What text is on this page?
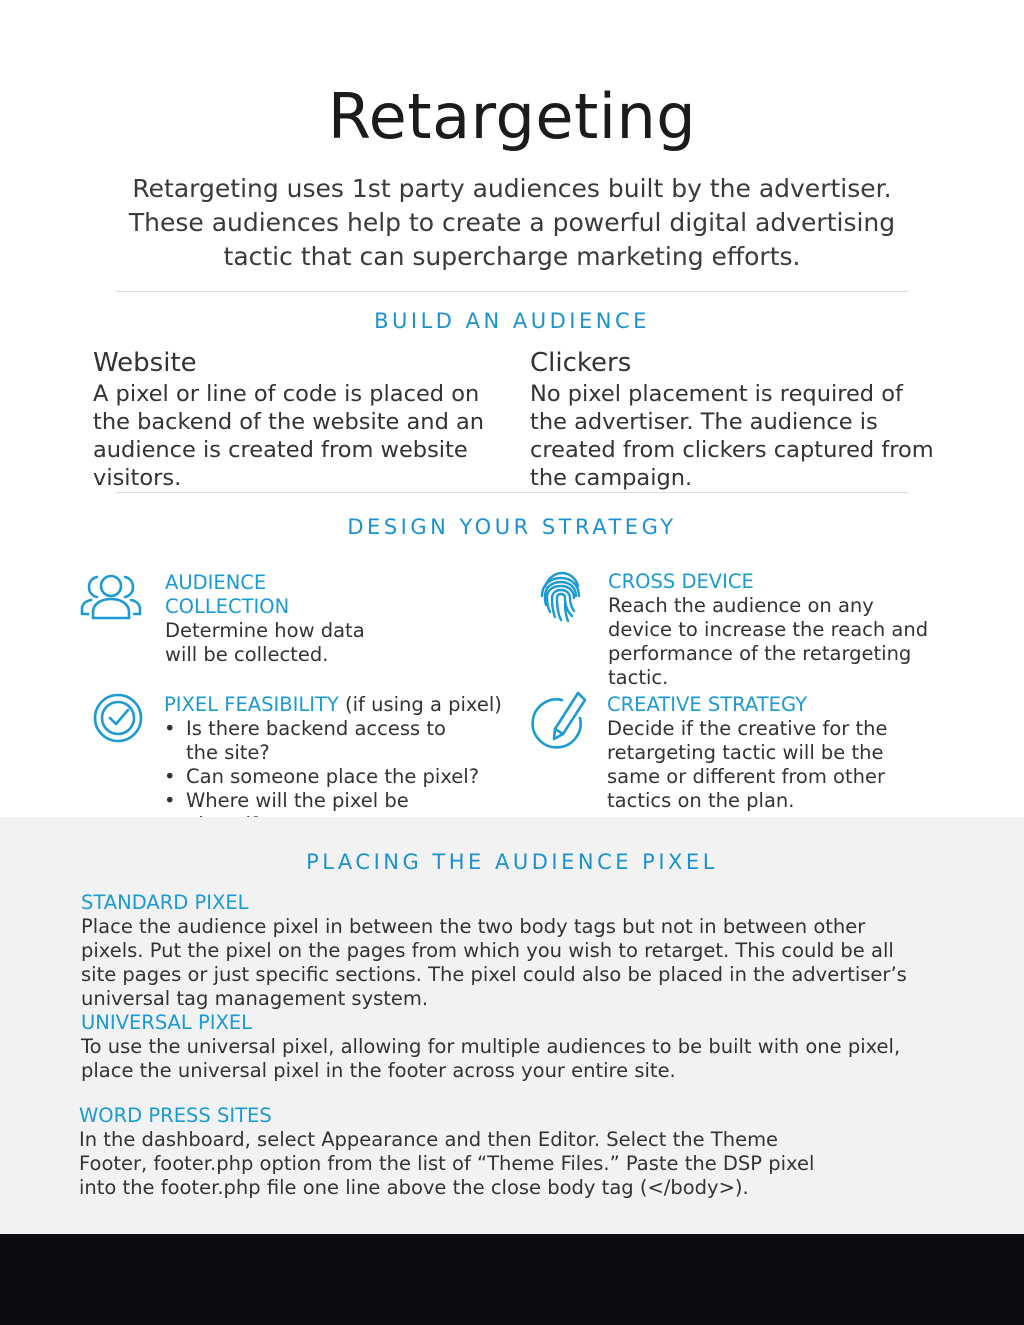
Retargeting

Retargeting uses 1st party audiences built by the advertiser. These audiences help to create a powerful digital advertising tactic that can supercharge marketing efforts.

BUILD AN AUDIENCE
Website
A pixel or line of code is placed on the backend of the website and an audience is created from website visitors.
Clickers
No pixel placement is required of the advertiser. The audience is created from clickers captured from the campaign.
DESIGN YOUR STRATEGY
AUDIENCE COLLECTION
Determine how data will be collected.
CROSS DEVICE
Reach the audience on any device to increase the reach and performance of the retargeting tactic.
PIXEL FEASIBILITY (if using a pixel)
• Is there backend access to the site?
• Can someone place the pixel?
• Where will the pixel be
CREATIVE STRATEGY
Decide if the creative for the retargeting tactic will be the same or different from other tactics on the plan.
PLACING THE AUDIENCE PIXEL
STANDARD PIXEL
Place the audience pixel in between the two body tags but not in between other pixels. Put the pixel on the pages from which you wish to retarget. This could be all site pages or just specific sections. The pixel could also be placed in the advertiser’s universal tag management system.
UNIVERSAL PIXEL
To use the universal pixel, allowing for multiple audiences to be built with one pixel, place the universal pixel in the footer across your entire site.
WORD PRESS SITES
In the dashboard, select Appearance and then Editor. Select the Theme Footer, footer.php option from the list of “Theme Files.” Paste the DSP pixel into the footer.php file one line above the close body tag (</body>).
